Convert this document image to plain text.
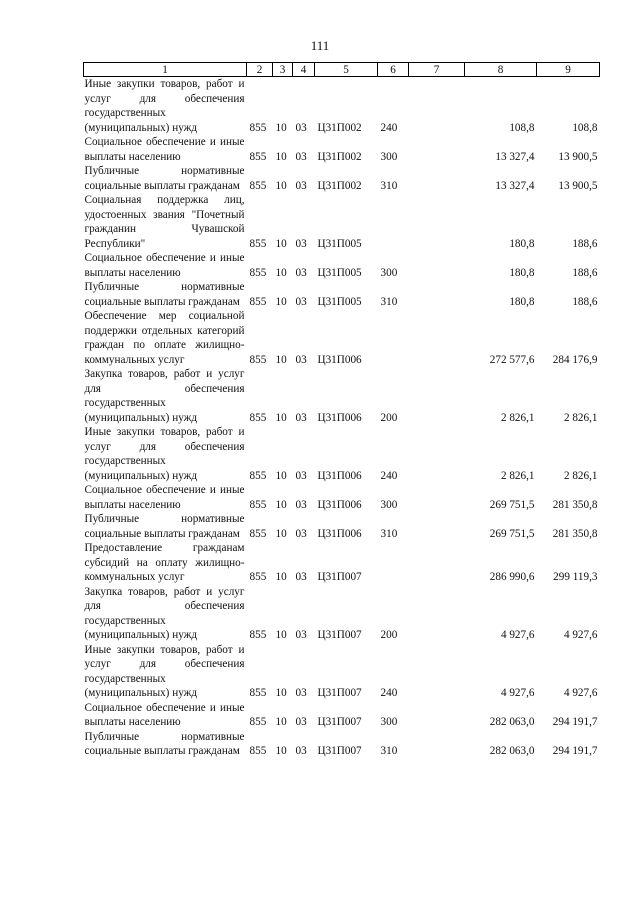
111
1	2	3	4	5	6	7	8	9
Иные закупки товаров, работ и услуг для обеспечения государственных (муниципальных) нужд	855	10	03	Ц31П002	240		108,8	108,8
Социальное обеспечение и иные выплаты населению	855	10	03	Ц31П002	300		13 327,4	13 900,5
Публичные нормативные социальные выплаты гражданам	855	10	03	Ц31П002	310		13 327,4	13 900,5
Социальная поддержка лиц, удостоенных звания "Почетный гражданин Чувашской Республики"	855	10	03	Ц31П005			180,8	188,6
Социальное обеспечение и иные выплаты населению	855	10	03	Ц31П005	300		180,8	188,6
Публичные нормативные социальные выплаты гражданам	855	10	03	Ц31П005	310		180,8	188,6
Обеспечение мер социальной поддержки отдельных категорий граждан по оплате жилищно-коммунальных услуг	855	10	03	Ц31П006			272 577,6	284 176,9
Закупка товаров, работ и услуг для обеспечения государственных (муниципальных) нужд	855	10	03	Ц31П006	200		2 826,1	2 826,1
Иные закупки товаров, работ и услуг для обеспечения государственных (муниципальных) нужд	855	10	03	Ц31П006	240		2 826,1	2 826,1
Социальное обеспечение и иные выплаты населению	855	10	03	Ц31П006	300		269 751,5	281 350,8
Публичные нормативные социальные выплаты гражданам	855	10	03	Ц31П006	310		269 751,5	281 350,8
Предоставление гражданам субсидий на оплату жилищно-коммунальных услуг	855	10	03	Ц31П007			286 990,6	299 119,3
Закупка товаров, работ и услуг для обеспечения государственных (муниципальных) нужд	855	10	03	Ц31П007	200		4 927,6	4 927,6
Иные закупки товаров, работ и услуг для обеспечения государственных (муниципальных) нужд	855	10	03	Ц31П007	240		4 927,6	4 927,6
Социальное обеспечение и иные выплаты населению	855	10	03	Ц31П007	300		282 063,0	294 191,7
Публичные нормативные социальные выплаты гражданам	855	10	03	Ц31П007	310		282 063,0	294 191,7
